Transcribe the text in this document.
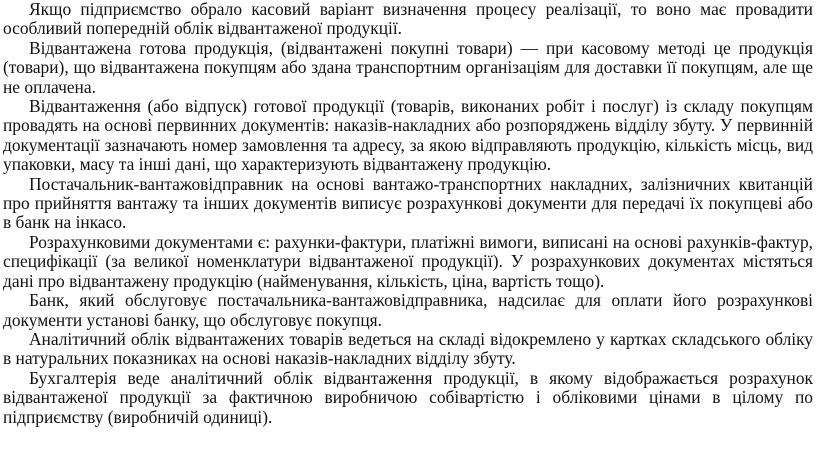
Якщо підприємство обрало касовий варіант визначення процесу реалізації, то воно має провадити особливий попередній облік відвантаженої продукції.

Відвантажена готова продукція, (відвантажені покупні товари) — при касовому методі це продукція (товари), що відвантажена покупцям або здана транспортним організаціям для доставки її покупцям, але ще не оплачена.

Відвантаження (або відпуск) готової продукції (товарів, виконаних робіт і послуг) із складу покупцям провадять на основі первинних документів: наказів-накладних або розпоряджень відділу збуту. У первинній документації зазначають номер замовлення та адресу, за якою відправляють продукцію, кількість місць, вид упаковки, масу та інші дані, що характеризують відвантажену продукцію.

Постачальник-вантажовідправник на основі вантажо-транспортних накладних, залізничних квитанцій про прийняття вантажу та інших документів виписує розрахункові документи для передачі їх покупцеві або в банк на інкасо.

Розрахунковими документами є: рахунки-фактури, платіжні вимоги, виписані на основі рахунків-фактур, специфікації (за великої номенклатури відвантаженої продукції). У розрахункових документах містяться дані про відвантажену продукцію (найменування, кількість, ціна, вартість тощо).

Банк, який обслуговує постачальника-вантажовідправника, надсилає для оплати його розрахункові документи установі банку, що обслуговує покупця.

Аналітичний облік відвантажених товарів ведеться на складі відокремлено у картках складського обліку в натуральних показниках на основі наказів-накладних відділу збуту.

Бухгалтерія веде аналітичний облік відвантаження продукції, в якому відображається розрахунок відвантаженої продукції за фактичною виробничою собівартістю і обліковими цінами в цілому по підприємству (виробничій одиниці).
